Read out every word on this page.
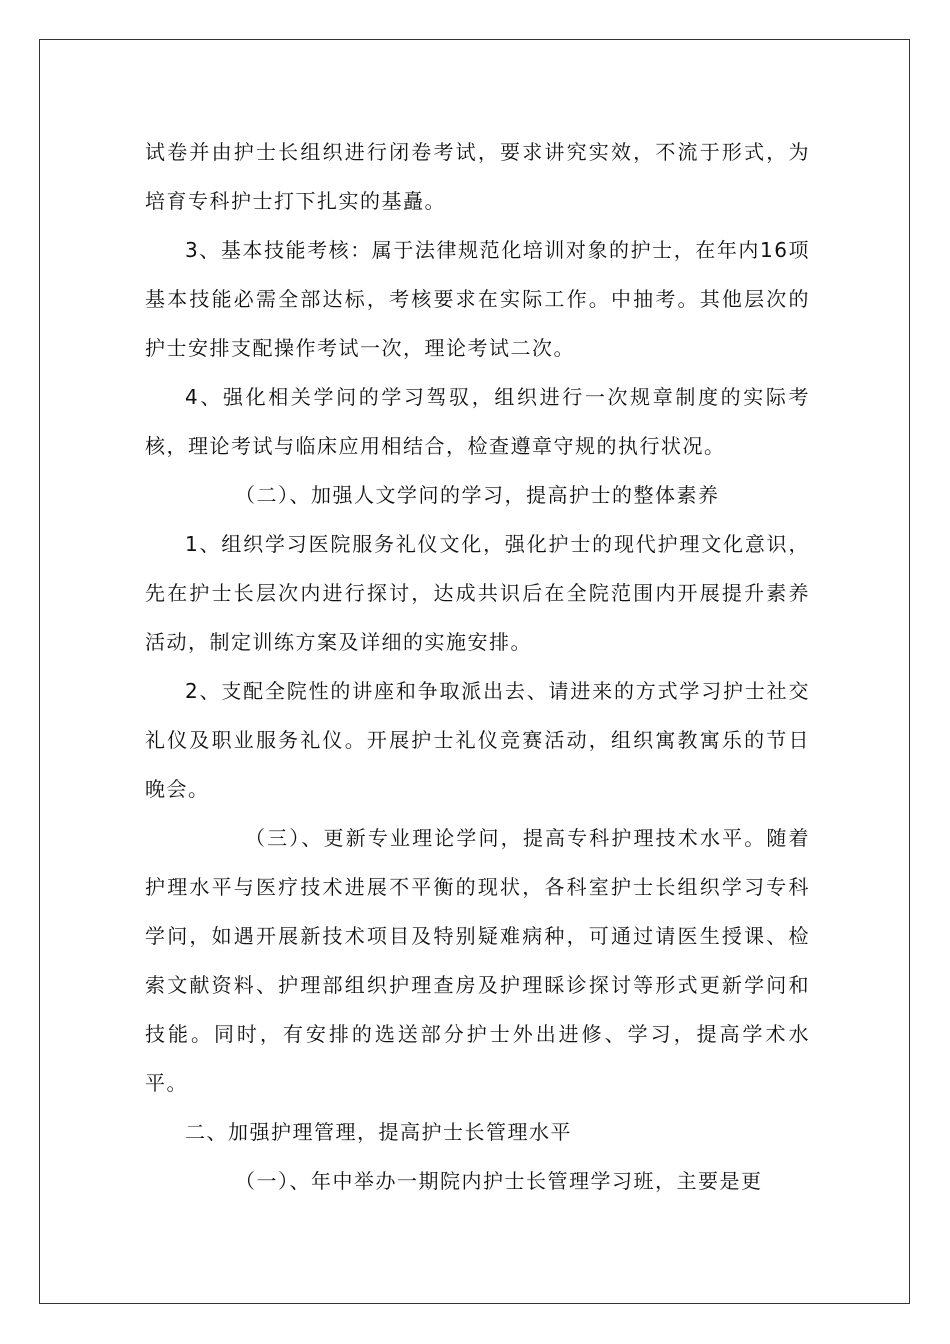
试卷并由护士长组织进行闭卷考试，要求讲究实效，不流于形式，为培育专科护士打下扎实的基矗。

3、基本技能考核：属于法律规范化培训对象的护士，在年内16项基本技能必需全部达标，考核要求在实际工作。中抽考。其他层次的护士安排支配操作考试一次，理论考试二次。

4、强化相关学问的学习驾驭，组织进行一次规章制度的实际考核，理论考试与临床应用相结合，检查遵章守规的执行状况。

（二）、加强人文学问的学习，提高护士的整体素养

1、组织学习医院服务礼仪文化，强化护士的现代护理文化意识，先在护士长层次内进行探讨，达成共识后在全院范围内开展提升素养活动，制定训练方案及详细的实施安排。

2、支配全院性的讲座和争取派出去、请进来的方式学习护士社交礼仪及职业服务礼仪。开展护士礼仪竞赛活动，组织寓教寓乐的节日晚会。

（三）、更新专业理论学问，提高专科护理技术水平。随着护理水平与医疗技术进展不平衡的现状，各科室护士长组织学习专科学问，如遇开展新技术项目及特别疑难病种，可通过请医生授课、检索文献资料、护理部组织护理查房及护理睬诊探讨等形式更新学问和技能。同时，有安排的选送部分护士外出进修、学习，提高学术水平。

二、加强护理管理，提高护士长管理水平

（一）、年中举办一期院内护士长管理学习班，主要是更
